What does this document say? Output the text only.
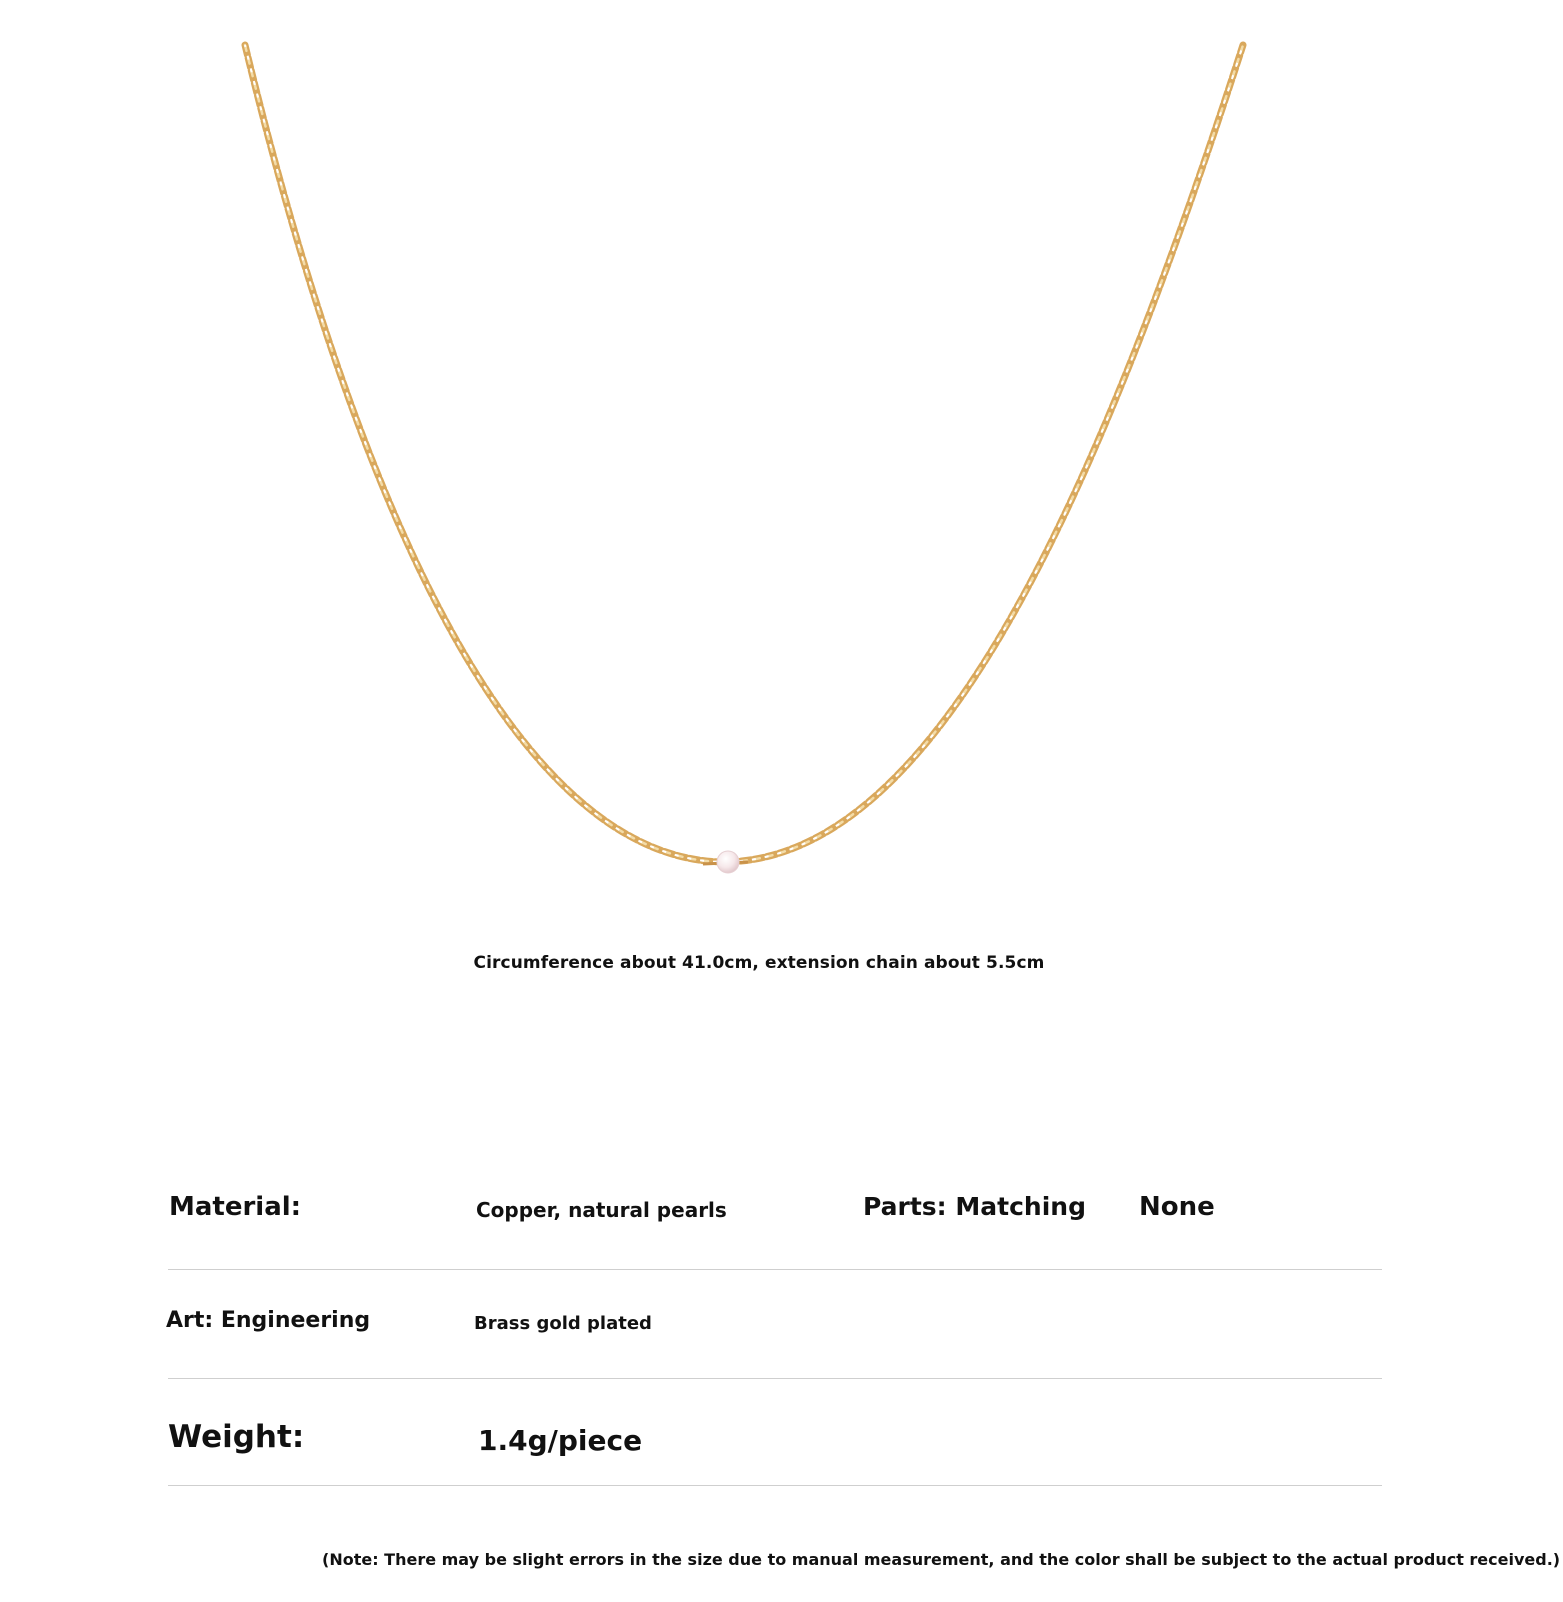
Circumference about 41.0cm, extension chain about 5.5cm
Material:	Copper, natural pearls	Parts: Matching None
Art: Engineering	Brass gold plated
Weight:	1.4g/piece
(Note: There may be slight errors in the size due to manual measurement, and the color shall be subject to the actual product received.)
